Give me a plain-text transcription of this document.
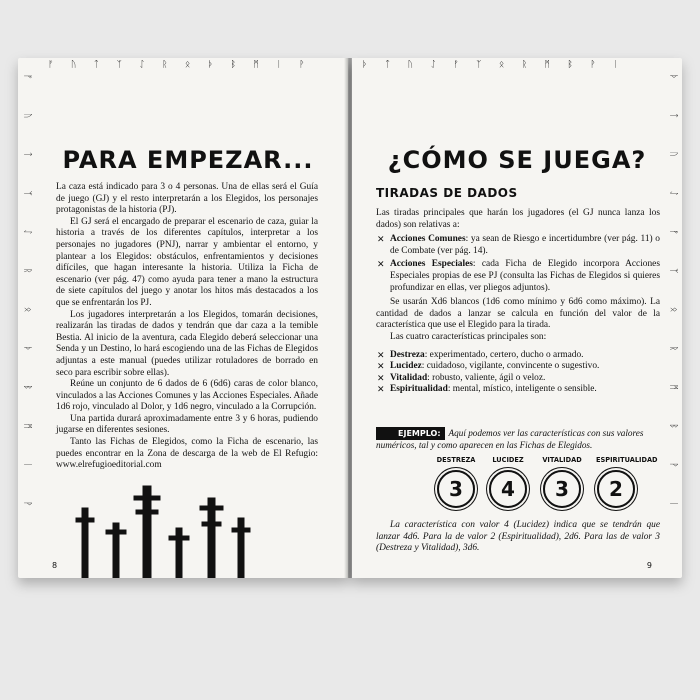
ᚠ ᚢ ᛏ ᛉ ᛇ ᚱ ᛟ ᚦ ᛒ ᛗ ᛁ ᚹ
ᚠ ᚢ ᛏ ᛉ ᛇ ᚱ ᛟ ᚦ ᛒ ᛗ ᛁ ᚹ PARA EMPEZAR...

La caza está indicado para 3 o 4 personas. Una de ellas será el Guía de juego (GJ) y el resto interpretarán a los Elegidos, los personajes protagonistas de la historia (PJ).

El GJ será el encargado de preparar el escenario de caza, guiar la historia a través de los diferentes capítulos, interpretar a los personajes no jugadores (PNJ), narrar y ambientar el entorno, y plantear a los Elegidos: obstáculos, enfrentamientos y decisiones difíciles, que hagan interesante la historia. Utiliza la Ficha de escenario (ver pág. 47) como ayuda para tener a mano la estructura de siete capítulos del juego y anotar los hitos más destacados a los que se enfrentarán los PJ.

Los jugadores interpretarán a los Elegidos, tomarán decisiones, realizarán las tiradas de dados y tendrán que dar caza a la temible Bestia. Al inicio de la aventura, cada Elegido deberá seleccionar una Senda y un Destino, lo hará escogiendo una de las Fichas de Elegidos adjuntas a este manual (puedes utilizar rotuladores de borrado en seco para escribir sobre ellas).

Reúne un conjunto de 6 dados de 6 (6d6) caras de color blanco, vinculados a las Acciones Comunes y las Acciones Especiales. Añade 1d6 rojo, vinculado al Dolor, y 1d6 negro, vinculado a la Corrupción.

Una partida durará aproximadamente entre 3 y 6 horas, pudiendo jugarse en diferentes sesiones.

Tanto las Fichas de Elegidos, como la Ficha de escenario, las puedes encontrar en la Zona de descarga de la web de El Refugio: www.elrefugioeditorial.com

8
ᚦ ᛏ ᚢ ᛇ ᚠ ᛉ ᛟ ᚱ ᛗ ᛒ ᚹ ᛁ
ᚦ ᛏ ᚢ ᛇ ᚠ ᛉ ᛟ ᚱ ᛗ ᛒ ᚹ ᛁ
¿CÓMO SE JUEGA?
TIRADAS DE DADOS

Las tiradas principales que harán los jugadores (el GJ nunca lanza los dados) son relativas a:

✕ Acciones Comunes: ya sean de Riesgo e incertidumbre (ver pág. 11) o de Combate (ver pág. 14).
✕ Acciones Especiales: cada Ficha de Elegido incorpora Acciones Especiales propias de ese PJ (consulta las Fichas de Elegidos si quieres profundizar en ellas, ver pliegos adjuntos).

Se usarán Xd6 blancos (1d6 como mínimo y 6d6 como máximo). La cantidad de dados a lanzar se calcula en función del valor de la característica que use el Elegido para la tirada.

Las cuatro características principales son:

✕ Destreza: experimentado, certero, ducho o armado.
✕ Lucidez: cuidadoso, vigilante, convincente o sugestivo.
✕ Vitalidad: robusto, valiente, ágil o veloz.
✕ Espiritualidad: mental, místico, inteligente o sensible.
EJEMPLO: Aquí podemos ver las características con sus valores numéricos, tal y como aparecen en las Fichas de Elegidos.
DESTREZA
3
LUCIDEZ
4
VITALIDAD
3
ESPIRITUALIDAD
2

La característica con valor 4 (Lucidez) indica que se tendrán que lanzar 4d6. Para la de valor 2 (Espiritualidad), 2d6. Para las de valor 3 (Destreza y Vitalidad), 3d6.

9
